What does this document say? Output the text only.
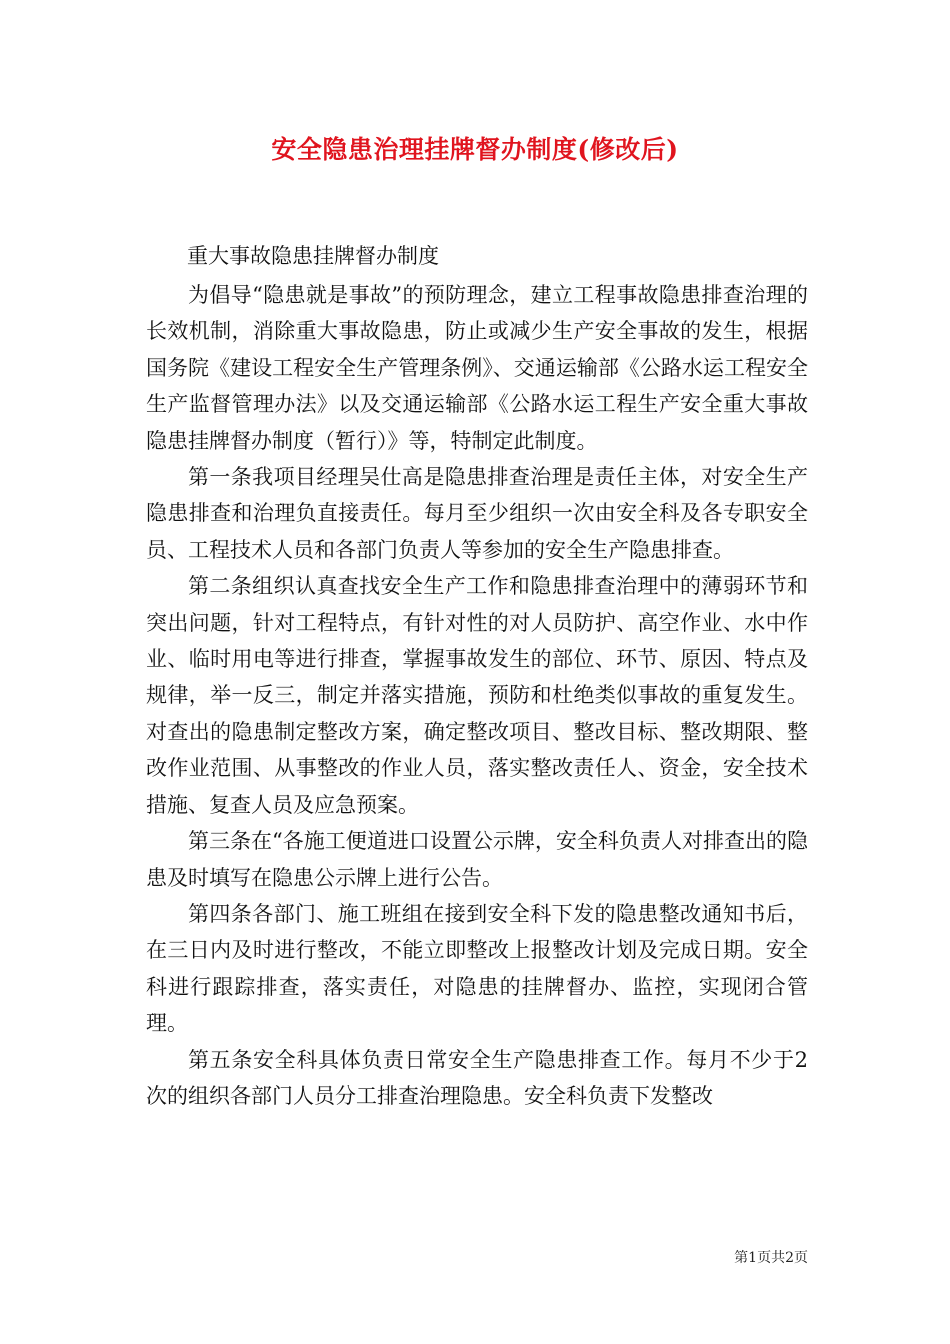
安全隐患治理挂牌督办制度(修改后)

重大事故隐患挂牌督办制度

为倡导“隐患就是事故”的预防理念，建立工程事故隐患排查治理的长效机制，消除重大事故隐患，防止或减少生产安全事故的发生，根据国务院《建设工程安全生产管理条例》、交通运输部《公路水运工程安全生产监督管理办法》以及交通运输部《公路水运工程生产安全重大事故隐患挂牌督办制度（暂行）》等，特制定此制度。

第一条我项目经理吴仕高是隐患排查治理是责任主体，对安全生产隐患排查和治理负直接责任。每月至少组织一次由安全科及各专职安全员、工程技术人员和各部门负责人等参加的安全生产隐患排查。

第二条组织认真查找安全生产工作和隐患排查治理中的薄弱环节和突出问题，针对工程特点，有针对性的对人员防护、高空作业、水中作业、临时用电等进行排查，掌握事故发生的部位、环节、原因、特点及规律，举一反三，制定并落实措施，预防和杜绝类似事故的重复发生。对查出的隐患制定整改方案，确定整改项目、整改目标、整改期限、整改作业范围、从事整改的作业人员，落实整改责任人、资金，安全技术措施、复查人员及应急预案。

第三条在“各施工便道进口设置公示牌，安全科负责人对排查出的隐患及时填写在隐患公示牌上进行公告。

第四条各部门、施工班组在接到安全科下发的隐患整改通知书后，在三日内及时进行整改，不能立即整改上报整改计划及完成日期。安全科进行跟踪排查，落实责任，对隐患的挂牌督办、监控，实现闭合管理。

第五条安全科具体负责日常安全生产隐患排查工作。每月不少于2次的组织各部门人员分工排查治理隐患。安全科负责下发整改

第1页共2页
